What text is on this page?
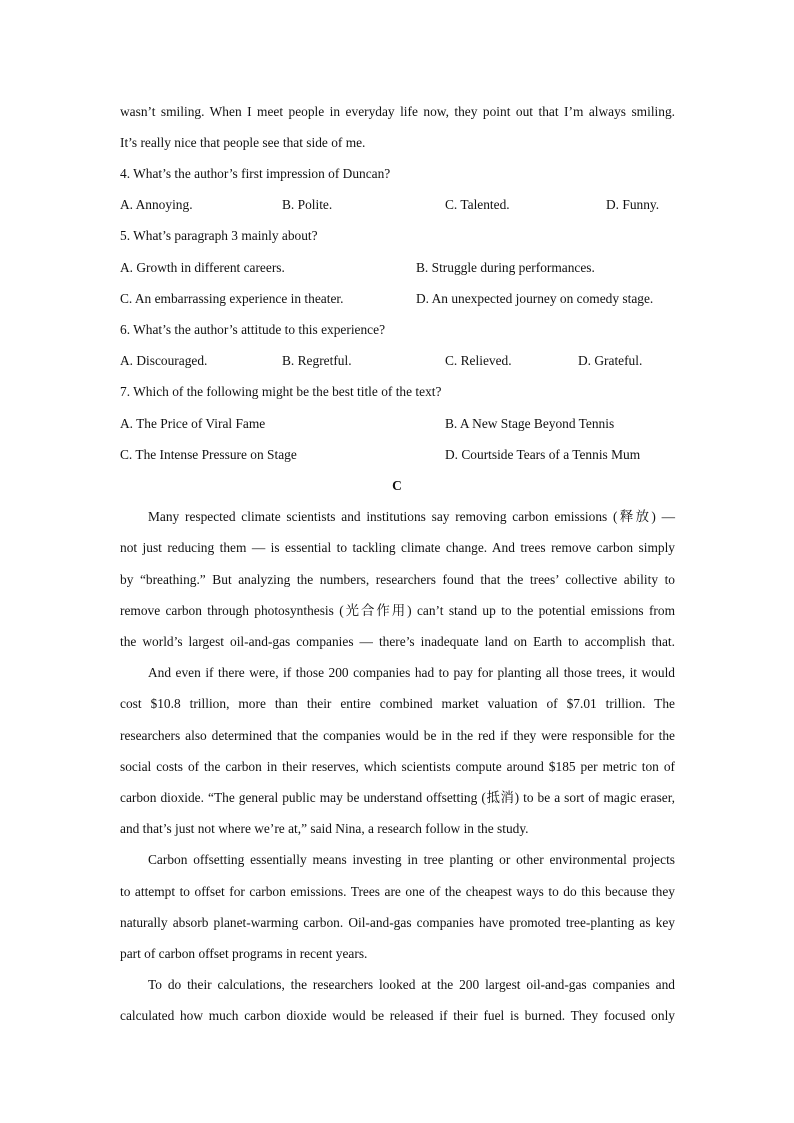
wasn’t smiling. When I meet people in everyday life now, they point out that I’m always smiling.
It’s really nice that people see that side of me.
4. What’s the author’s first impression of Duncan?
A. Annoying.	B. Polite.	C. Talented.	D. Funny.
5. What’s paragraph 3 mainly about?
A. Growth in different careers.	B. Struggle during performances.
C. An embarrassing experience in theater.	D. An unexpected journey on comedy stage.
6. What’s the author’s attitude to this experience?
A. Discouraged.	B. Regretful.	C. Relieved.	D. Grateful.
7. Which of the following might be the best title of the text?
A. The Price of Viral Fame	B. A New Stage Beyond Tennis
C. The Intense Pressure on Stage	D. Courtside Tears of a Tennis Mum
C
Many respected climate scientists and institutions say removing carbon emissions (释放) —
not just reducing them — is essential to tackling climate change. And trees remove carbon simply
by “breathing.” But analyzing the numbers, researchers found that the trees’ collective ability to
remove carbon through photosynthesis (光合作用) can’t stand up to the potential emissions from
the world’s largest oil-and-gas companies — there’s inadequate land on Earth to accomplish that.
And even if there were, if those 200 companies had to pay for planting all those trees, it would
cost $10.8 trillion, more than their entire combined market valuation of $7.01 trillion. The
researchers also determined that the companies would be in the red if they were responsible for the
social costs of the carbon in their reserves, which scientists compute around $185 per metric ton of
carbon dioxide. “The general public may be understand offsetting (抵消) to be a sort of magic eraser,
and that’s just not where we’re at,” said Nina, a research follow in the study.
Carbon offsetting essentially means investing in tree planting or other environmental projects
to attempt to offset for carbon emissions. Trees are one of the cheapest ways to do this because they
naturally absorb planet-warming carbon. Oil-and-gas companies have promoted tree-planting as key
part of carbon offset programs in recent years.
To do their calculations, the researchers looked at the 200 largest oil-and-gas companies and
calculated how much carbon dioxide would be released if their fuel is burned. They focused only
